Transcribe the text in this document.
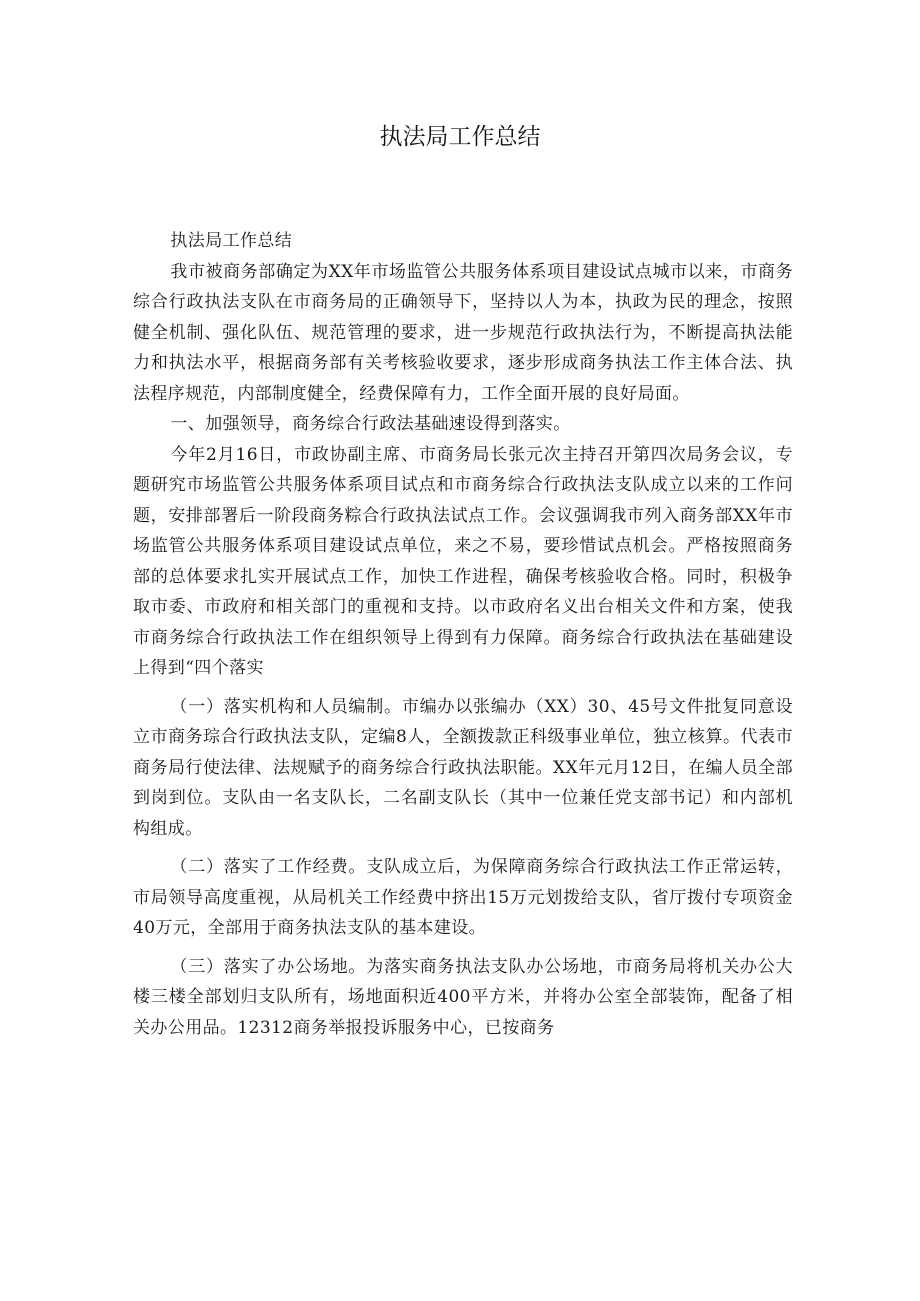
执法局工作总结

执法局工作总结

我市被商务部确定为XX年市场监管公共服务体系项目建设试点城市以来，市商务综合行政执法支队在市商务局的正确领导下，坚持以人为本，执政为民的理念，按照健全机制、强化队伍、规范管理的要求，进一步规范行政执法行为，不断提高执法能力和执法水平，根据商务部有关考核验收要求，逐步形成商务执法工作主体合法、执法程序规范，内部制度健全，经费保障有力，工作全面开展的良好局面。

一、加强领导，商务综合行政法基础速设得到落实。

今年2月16日，市政协副主席、市商务局长张元次主持召开第四次局务会议，专题研究市场监管公共服务体系项目试点和市商务综合行政执法支队成立以来的工作问题，安排部署后一阶段商务粽合行政执法试点工作。会议强调我市列入商务部XX年市场监管公共服务体系项目建设试点单位，来之不易，要珍惜试点机会。严格按照商务部的总体要求扎实开展试点工作，加快工作进程，确保考核验收合格。同时，积极争取市委、市政府和相关部门的重视和支持。以市政府名义出台相关文件和方案，使我市商务综合行政执法工作在组织领导上得到有力保障。商务综合行政执法在基础建设上得到“四个落实

（一）落实机构和人员编制。市编办以张编办（XX）30、45号文件批复同意设立市商务琮合行政执法支队，定编8人，全额拨款正科级事业单位，独立核算。代表市商务局行使法律、法规赋予的商务综合行政执法职能。XX年元月12日，在编人员全部到岗到位。支队由一名支队长，二名副支队长（其中一位兼任党支部书记）和内部机构组成。

（二）落实了工作经费。支队成立后，为保障商务综合行政执法工作正常运转，市局领导高度重视，从局机关工作经费中挤出15万元划拨给支队，省厅拨付专项资金40万元，全部用于商务执法支队的基本建设。

（三）落实了办公场地。为落实商务执法支队办公场地，市商务局将机关办公大楼三楼全部划归支队所有，场地面积近400平方米，并将办公室全部装饰，配备了相关办公用品。12312商务举报投诉服务中心，已按商务
